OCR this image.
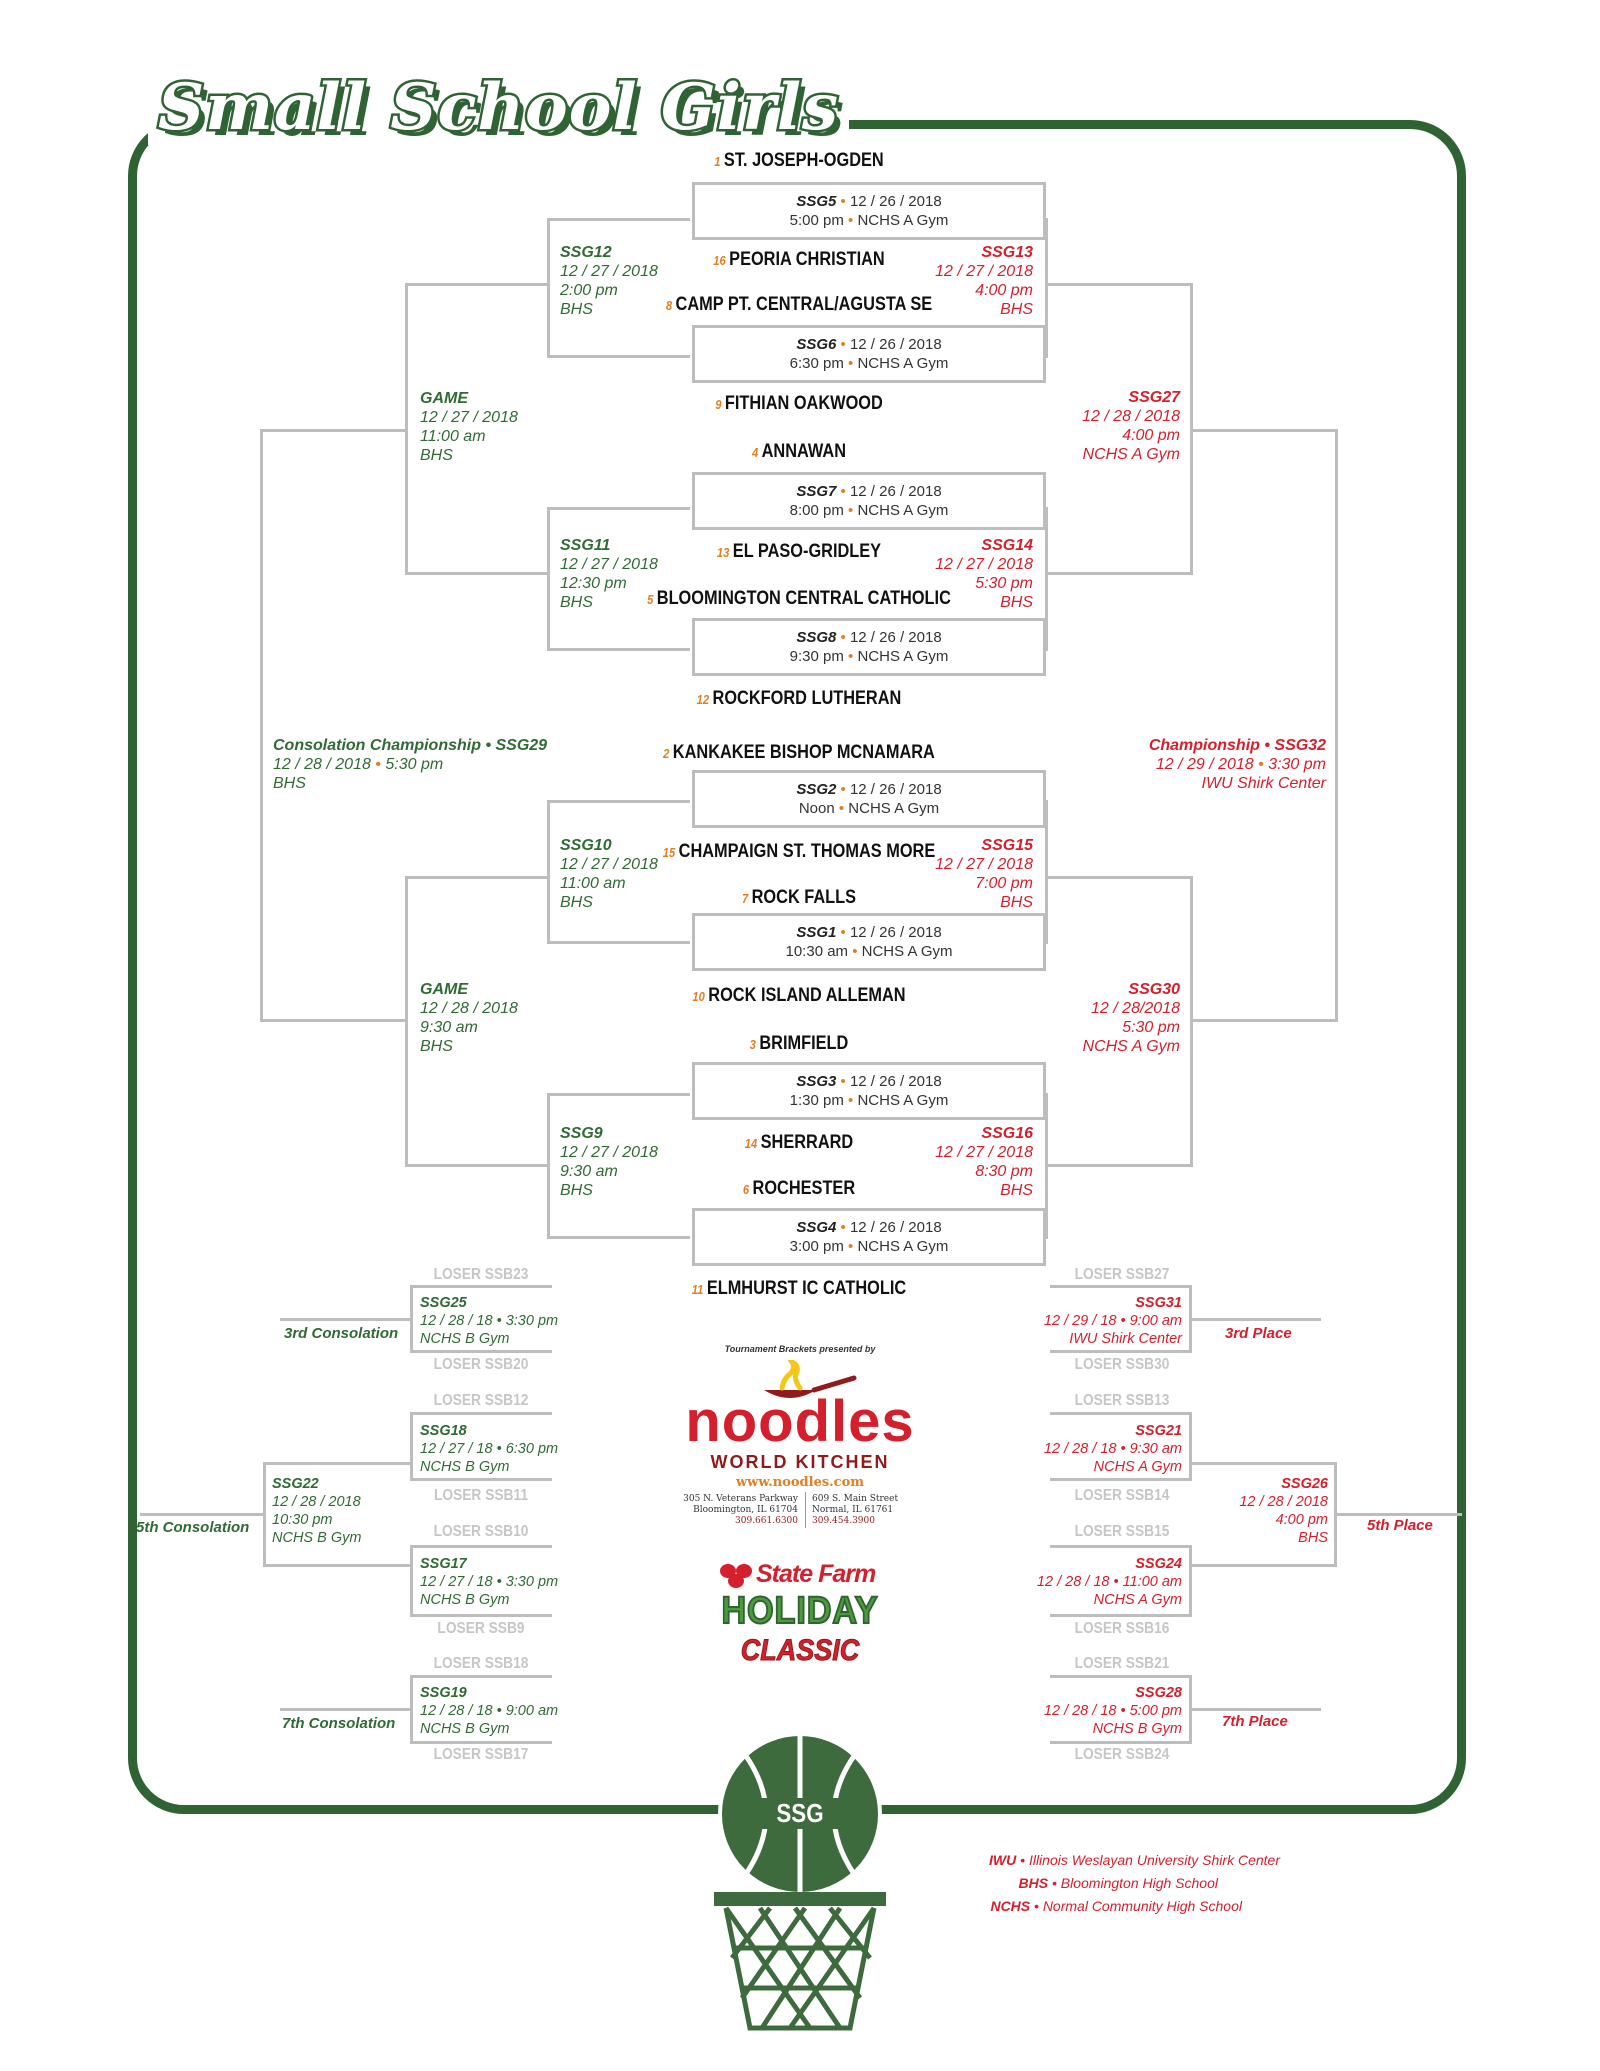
Small School Girls
SSG5 • 12 / 26 / 2018
5:00 pm • NCHS A Gym
SSG6 • 12 / 26 / 2018
6:30 pm • NCHS A Gym
SSG7 • 12 / 26 / 2018
8:00 pm • NCHS A Gym
SSG8 • 12 / 26 / 2018
9:30 pm • NCHS A Gym
SSG2 • 12 / 26 / 2018
Noon • NCHS A Gym
SSG1 • 12 / 26 / 2018
10:30 am • NCHS A Gym
SSG3 • 12 / 26 / 2018
1:30 pm • NCHS A Gym
SSG4 • 12 / 26 / 2018
3:00 pm • NCHS A Gym
1 ST. JOSEPH-OGDEN
16 PEORIA CHRISTIAN
8 CAMP PT. CENTRAL/AGUSTA SE
9 FITHIAN OAKWOOD
4 ANNAWAN
13 EL PASO-GRIDLEY
5 BLOOMINGTON CENTRAL CATHOLIC
12 ROCKFORD LUTHERAN
2 KANKAKEE BISHOP MCNAMARA
15 CHAMPAIGN ST. THOMAS MORE
7 ROCK FALLS
10 ROCK ISLAND ALLEMAN
3 BRIMFIELD
14 SHERRARD
6 ROCHESTER
11 ELMHURST IC CATHOLIC
SSG12
12 / 27 / 2018
2:00 pm
BHS
SSG11
12 / 27 / 2018
12:30 pm
BHS
SSG10
12 / 27 / 2018
11:00 am
BHS
SSG9
12 / 27 / 2018
9:30 am
BHS
GAME
12 / 27 / 2018
11:00 am
BHS
GAME
12 / 28 / 2018
9:30 am
BHS
Consolation Championship • SSG29
12 / 28 / 2018 • 5:30 pm
BHS
SSG13
12 / 27 / 2018
4:00 pm
BHS
SSG14
12 / 27 / 2018
5:30 pm
BHS
SSG15
12 / 27 / 2018
7:00 pm
BHS
SSG16
12 / 27 / 2018
8:30 pm
BHS
SSG27
12 / 28 / 2018
4:00 pm
NCHS A Gym
SSG30
12 / 28/2018
5:30 pm
NCHS A Gym
Championship • SSG32
12 / 29 / 2018 • 3:30 pm
IWU Shirk Center
LOSER SSB23
LOSER SSB20
SSG25
12 / 28 / 18 • 3:30 pm
NCHS B Gym
3rd Consolation
LOSER SSB12
LOSER SSB11
SSG18
12 / 27 / 18 • 6:30 pm
NCHS B Gym
LOSER SSB10
LOSER SSB9
SSG17
12 / 27 / 18 • 3:30 pm
NCHS B Gym
SSG22
12 / 28 / 2018
10:30 pm
NCHS B Gym
5th Consolation
LOSER SSB18
LOSER SSB17
SSG19
12 / 28 / 18 • 9:00 am
NCHS B Gym
7th Consolation
LOSER SSB27
LOSER SSB30
SSG31
12 / 29 / 18 • 9:00 am
IWU Shirk Center	3rd Place
LOSER SSB13
LOSER SSB14
SSG21
12 / 28 / 18 • 9:30 am
NCHS A Gym
LOSER SSB15
LOSER SSB16
SSG24
12 / 28 / 18 • 11:00 am
NCHS A Gym
SSG26
12 / 28 / 2018
4:00 pm
BHS
5th Place
LOSER SSB21
LOSER SSB24
SSG28
12 / 28 / 18 • 5:00 pm
NCHS B Gym	7th Place
Tournament Brackets presented by
noodles
WORLD KITCHEN
www.noodles.com
305 N. Veterans Parkway
Bloomington, IL 61704
309.661.6300
609 S. Main Street
Normal, IL 61761
309.454.3900
State Farm
HOLIDAY
CLASSIC
SSG
IWU • Illinois Weslayan University Shirk Center
BHS • Bloomington High School
NCHS • Normal Community High School
